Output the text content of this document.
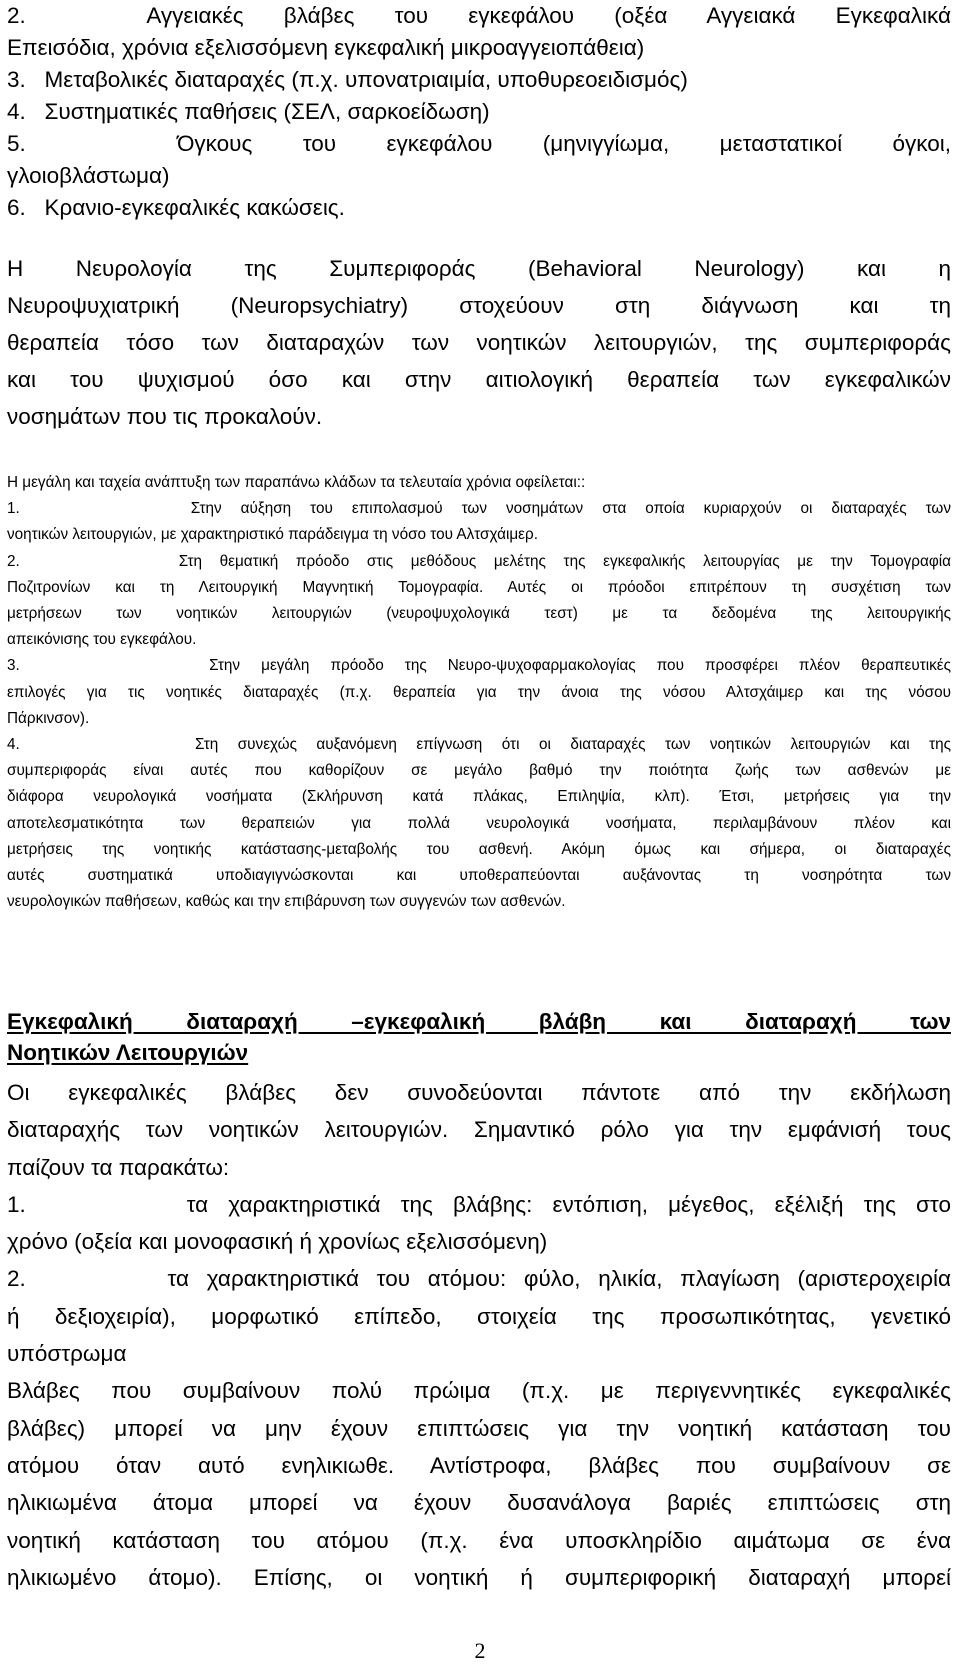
2.   Αγγειακές βλάβες του εγκεφάλου (οξέα Αγγειακά Εγκεφαλικά
Επεισόδια, χρόνια εξελισσόμενη εγκεφαλική μικροαγγειοπάθεια)
3.   Μεταβολικές διαταραχές (π.χ. υπονατριαιμία, υποθυρεοειδισμός)
4.   Συστηματικές παθήσεις (ΣΕΛ, σαρκοείδωση)
5.   Όγκους του εγκεφάλου (μηνιγγίωμα, μεταστατικοί όγκοι,
γλοιοβλάστωμα)
6.   Κρανιο-εγκεφαλικές κακώσεις.
Η Νευρολογία της Συμπεριφοράς (Behavioral Neurology) και η
Νευροψυχιατρική (Neuropsychiatry) στοχεύουν στη διάγνωση και τη
θεραπεία τόσο των διαταραχών των νοητικών λειτουργιών, της συμπεριφοράς
και του ψυχισμού όσο και στην αιτιολογική θεραπεία των εγκεφαλικών
νοσημάτων που τις προκαλούν.
Η μεγάλη και ταχεία ανάπτυξη των παραπάνω κλάδων τα τελευταία χρόνια οφείλεται::
1.         Στην αύξηση του επιπολασμού των νοσημάτων στα οποία κυριαρχούν οι διαταραχές των
νοητικών λειτουργιών, με χαρακτηριστικό παράδειγμα τη νόσο του Αλτσχάιμερ.
2.         Στη θεματική πρόοδο στις μεθόδους μελέτης της εγκεφαλικής λειτουργίας με την Τομογραφία
Ποζιτρονίων και τη Λειτουργική Μαγνητική Τομογραφία. Αυτές οι πρόοδοι επιτρέπουν τη συσχέτιση των
μετρήσεων των νοητικών λειτουργιών (νευροψυχολογικά τεστ) με τα δεδομένα της λειτουργικής
απεικόνισης του εγκεφάλου.
3.         Στην μεγάλη πρόοδο της Νευρο-ψυχοφαρμακολογίας που προσφέρει πλέον θεραπευτικές
επιλογές για τις νοητικές διαταραχές (π.χ. θεραπεία για την άνοια της νόσου Αλτσχάιμερ και της νόσου
Πάρκινσον).
4.         Στη συνεχώς αυξανόμενη επίγνωση ότι οι διαταραχές των νοητικών λειτουργιών και της
συμπεριφοράς είναι αυτές που καθορίζουν σε μεγάλο βαθμό την ποιότητα ζωής των ασθενών με
διάφορα νευρολογικά νοσήματα (Σκλήρυνση κατά πλάκας, Επιληψία, κλπ). Έτσι, μετρήσεις για την
αποτελεσματικότητα των θεραπειών για πολλά νευρολογικά νοσήματα, περιλαμβάνουν πλέον και
μετρήσεις της νοητικής κατάστασης-μεταβολής του ασθενή. Ακόμη όμως και σήμερα, οι διαταραχές
αυτές συστηματικά υποδιαγιγνώσκονται και υποθεραπεύονται αυξάνοντας τη νοσηρότητα των
νευρολογικών παθήσεων, καθώς και την επιβάρυνση των συγγενών των ασθενών.
Εγκεφαλική διαταραχή –εγκεφαλική βλάβη και διαταραχή των
Νοητικών Λειτουργιών
Οι εγκεφαλικές βλάβες δεν συνοδεύονται πάντοτε από την εκδήλωση
διαταραχής των νοητικών λειτουργιών. Σημαντικό ρόλο για την εμφάνισή τους
παίζουν τα παρακάτω:
1.        τα χαρακτηριστικά της βλάβης: εντόπιση, μέγεθος, εξέλιξή της στο
χρόνο (οξεία και μονοφασική ή χρονίως εξελισσόμενη)
2.        τα χαρακτηριστικά του ατόμου: φύλο, ηλικία, πλαγίωση (αριστεροχειρία
ή δεξιοχειρία), μορφωτικό επίπεδο, στοιχεία της προσωπικότητας, γενετικό
υπόστρωμα
Βλάβες που συμβαίνουν πολύ πρώιμα (π.χ. με περιγεννητικές εγκεφαλικές
βλάβες) μπορεί να μην έχουν επιπτώσεις για την νοητική κατάσταση του
ατόμου όταν αυτό ενηλικιωθε. Αντίστροφα, βλάβες που συμβαίνουν σε
ηλικιωμένα άτομα μπορεί να έχουν δυσανάλογα βαριές επιπτώσεις στη
νοητική κατάσταση του ατόμου (π.χ. ένα υποσκληρίδιο αιμάτωμα σε ένα
ηλικιωμένο άτομο). Επίσης, οι νοητική ή συμπεριφορική διαταραχή μπορεί
2
